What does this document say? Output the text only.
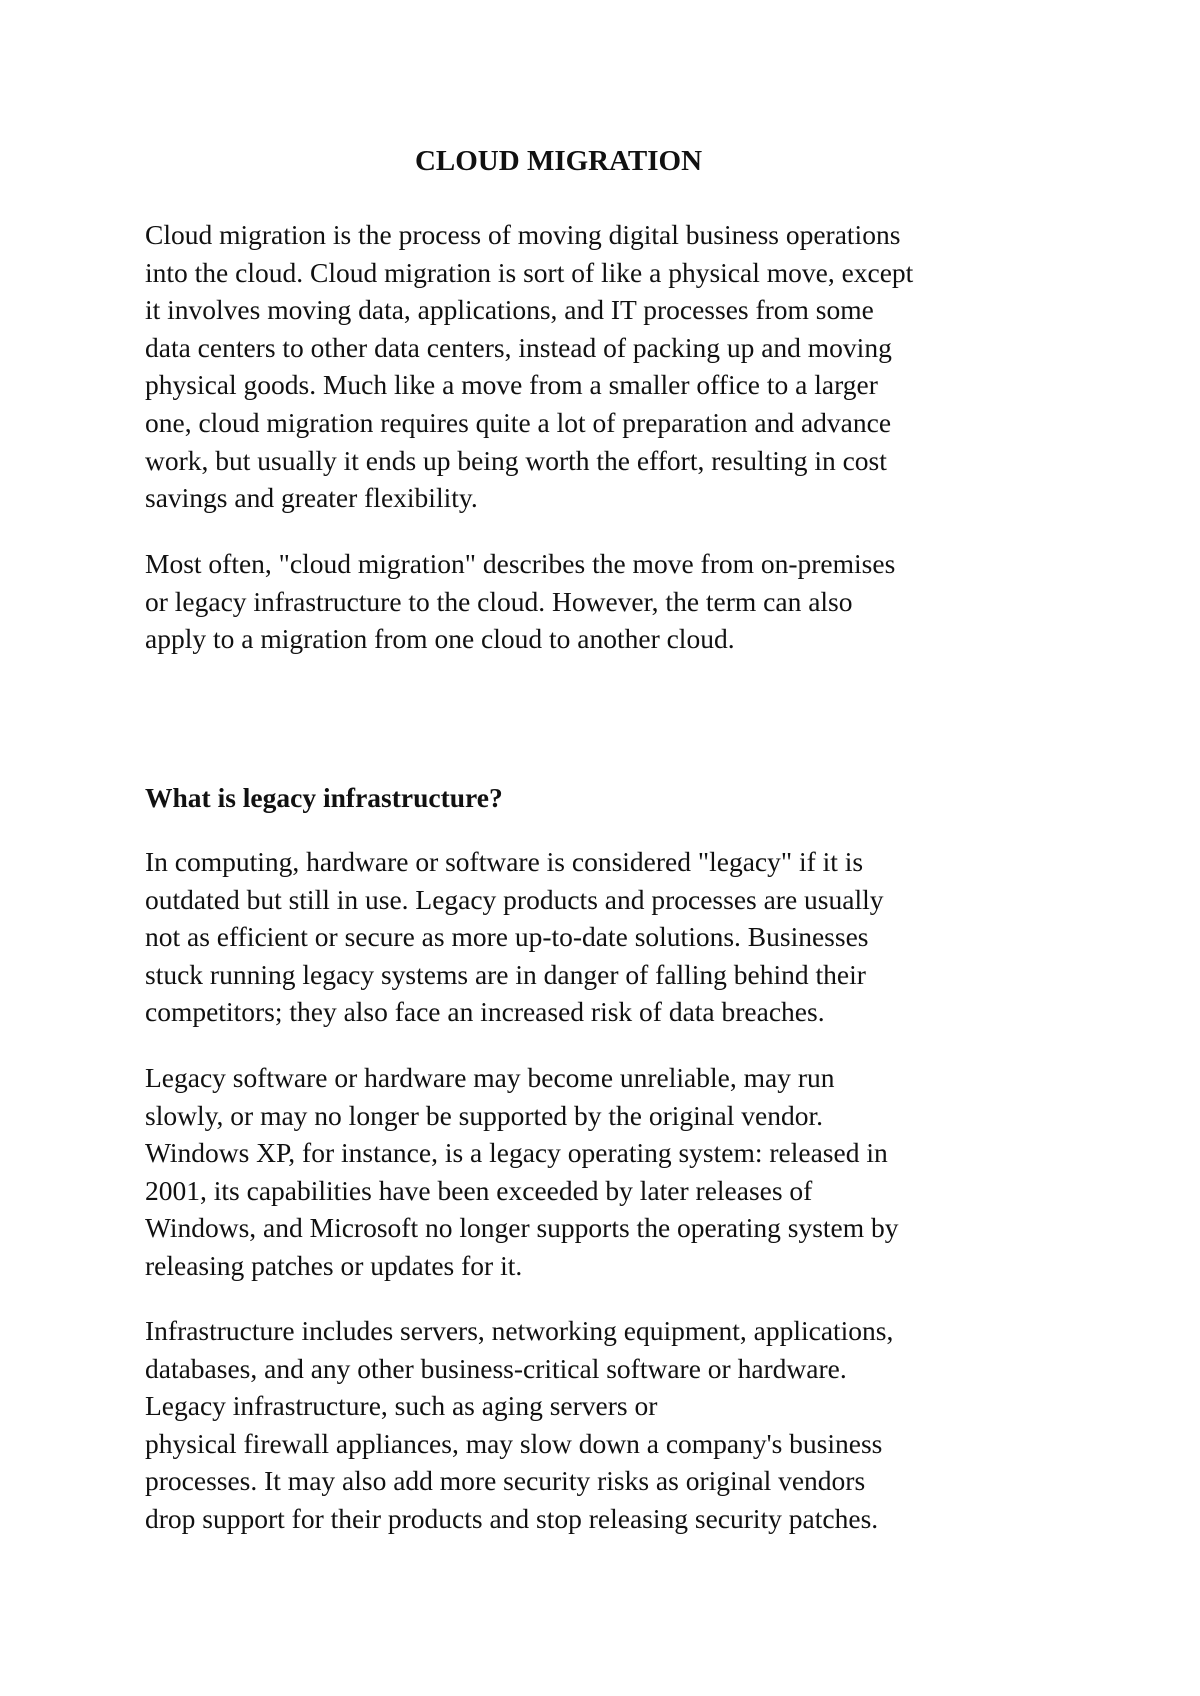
CLOUD MIGRATION

Cloud migration is the process of moving digital business operations
into the cloud. Cloud migration is sort of like a physical move, except
it involves moving data, applications, and IT processes from some
data centers to other data centers, instead of packing up and moving
physical goods. Much like a move from a smaller office to a larger
one, cloud migration requires quite a lot of preparation and advance
work, but usually it ends up being worth the effort, resulting in cost
savings and greater flexibility.

Most often, "cloud migration" describes the move from on-premises
or legacy infrastructure to the cloud. However, the term can also
apply to a migration from one cloud to another cloud.

What is legacy infrastructure?

In computing, hardware or software is considered "legacy" if it is
outdated but still in use. Legacy products and processes are usually
not as efficient or secure as more up-to-date solutions. Businesses
stuck running legacy systems are in danger of falling behind their
competitors; they also face an increased risk of data breaches.

Legacy software or hardware may become unreliable, may run
slowly, or may no longer be supported by the original vendor.
Windows XP, for instance, is a legacy operating system: released in
2001, its capabilities have been exceeded by later releases of
Windows, and Microsoft no longer supports the operating system by
releasing patches or updates for it.

Infrastructure includes servers, networking equipment, applications,
databases, and any other business-critical software or hardware.
Legacy infrastructure, such as aging servers or
physical firewall appliances, may slow down a company's business
processes. It may also add more security risks as original vendors
drop support for their products and stop releasing security patches.
